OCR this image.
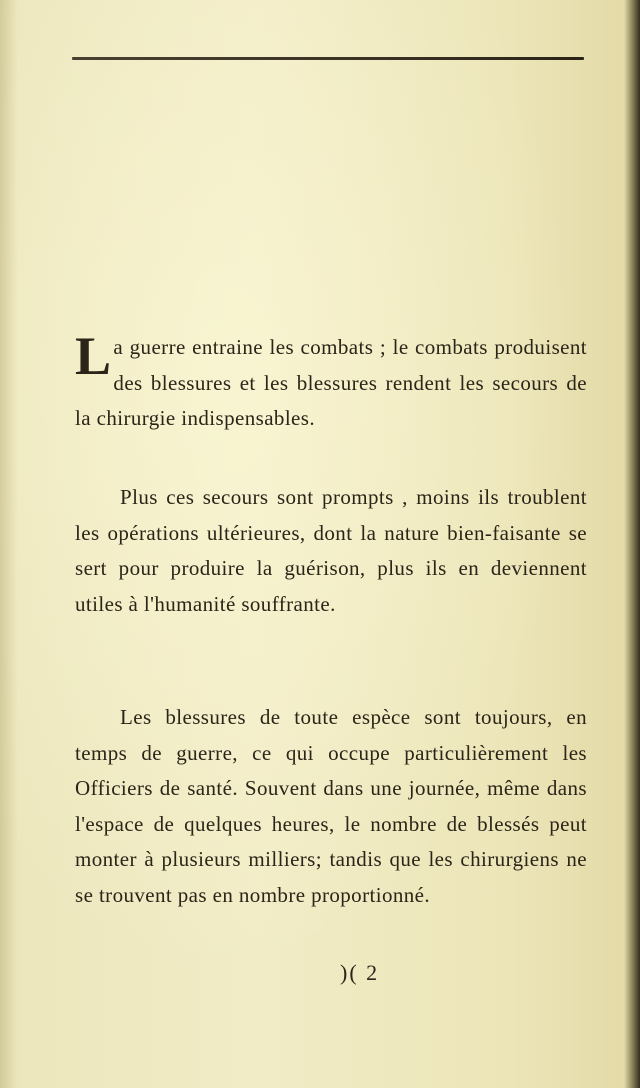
La guerre entraine les combats ; le combats produisent des blessures et les blessures rendent les secours de la chirurgie indispensables.

Plus ces secours sont prompts , moins ils troublent les opérations ultérieures, dont la nature bien-faisante se sert pour produire la guérison, plus ils en deviennent utiles à l'humanité souffrante.

Les blessures de toute espèce sont toujours, en temps de guerre, ce qui occupe particulièrement les Officiers de santé. Souvent dans une journée, même dans l'espace de quelques heures, le nombre de blessés peut monter à plusieurs milliers; tandis que les chirurgiens ne se trouvent pas en nombre proportionné.

)( 2
